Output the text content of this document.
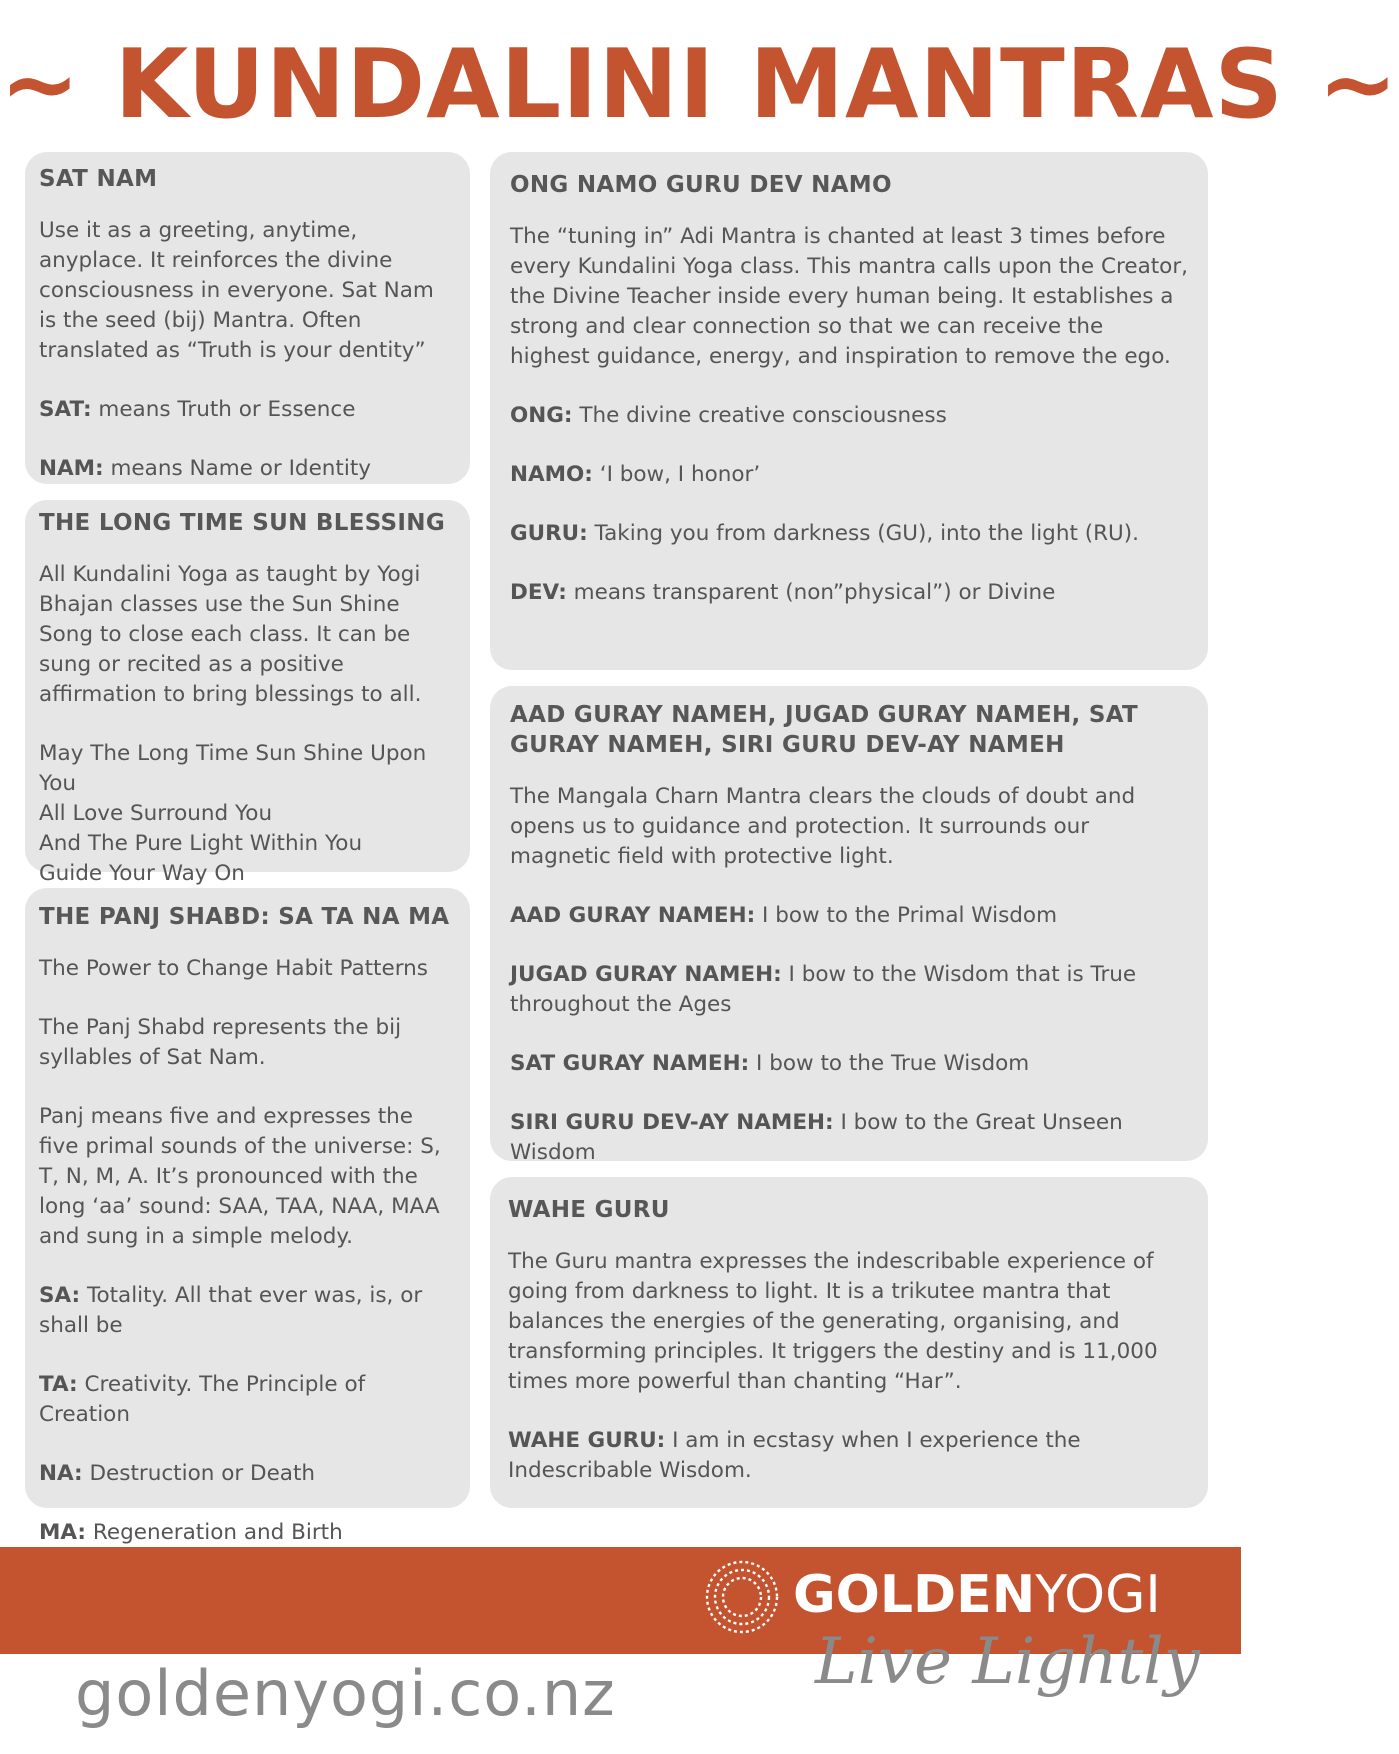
~ KUNDALINI MANTRAS ~
SAT NAM

Use it as a greeting, anytime, anyplace. It reinforces the divine consciousness in everyone. Sat Nam is the seed (bij) Mantra. Often translated as “Truth is your dentity”

SAT: means Truth or Essence

NAM: means Name or Identity

THE LONG TIME SUN BLESSING

All Kundalini Yoga as taught by Yogi Bhajan classes use the Sun Shine Song to close each class. It can be sung or recited as a positive affirmation to bring blessings to all.

May The Long Time Sun Shine Upon You
All Love Surround You
And The Pure Light Within You
Guide Your Way On

THE PANJ SHABD: SA TA NA MA

The Power to Change Habit Patterns

The Panj Shabd represents the bij syllables of Sat Nam.

Panj means five and expresses the five primal sounds of the universe: S, T, N, M, A. It’s pronounced with the long ‘aa’ sound: SAA, TAA, NAA, MAA and sung in a simple melody.

SA: Totality. All that ever was, is, or shall be

TA: Creativity. The Principle of Creation

NA: Destruction or Death

MA: Regeneration and Birth

ONG NAMO GURU DEV NAMO

The “tuning in” Adi Mantra is chanted at least 3 times before every Kundalini Yoga class. This mantra calls upon the Creator, the Divine Teacher inside every human being. It establishes a strong and clear connection so that we can receive the highest guidance, energy, and inspiration to remove the ego.

ONG: The divine creative consciousness

NAMO: ‘I bow, I honor’

GURU: Taking you from darkness (GU), into the light (RU).

DEV: means transparent (non”physical”) or Divine

AAD GURAY NAMEH, JUGAD GURAY NAMEH, SAT GURAY NAMEH, SIRI GURU DEV-AY NAMEH

The Mangala Charn Mantra clears the clouds of doubt and opens us to guidance and protection. It surrounds our magnetic field with protective light.

AAD GURAY NAMEH: I bow to the Primal Wisdom

JUGAD GURAY NAMEH: I bow to the Wisdom that is True throughout the Ages

SAT GURAY NAMEH: I bow to the True Wisdom

SIRI GURU DEV-AY NAMEH: I bow to the Great Unseen Wisdom

WAHE GURU

The Guru mantra expresses the indescribable experience of going from darkness to light. It is a trikutee mantra that balances the energies of the generating, organising, and transforming principles. It triggers the destiny and is 11,000 times more powerful than chanting “Har”.

WAHE GURU: I am in ecstasy when I experience the Indescribable Wisdom.

GOLDENYOGI
Live Lightly
goldenyogi.co.nz
